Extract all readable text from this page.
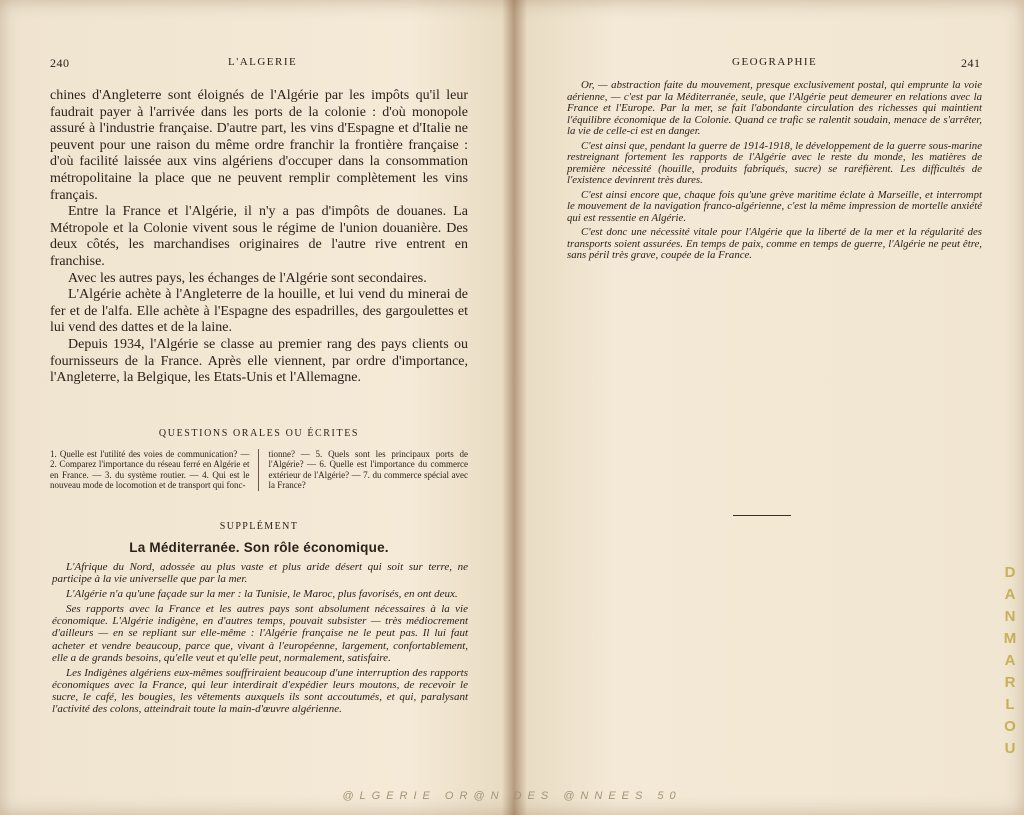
240	L'ALGERIE

chines d'Angleterre sont éloignés de l'Algérie par les impôts qu'il leur faudrait payer à l'arrivée dans les ports de la colonie : d'où monopole assuré à l'industrie française. D'autre part, les vins d'Espagne et d'Italie ne peuvent pour une raison du même ordre franchir la frontière française : d'où facilité laissée aux vins algériens d'occuper dans la consommation métropolitaine la place que ne peuvent remplir complètement les vins français.

Entre la France et l'Algérie, il n'y a pas d'impôts de douanes. La Métropole et la Colonie vivent sous le régime de l'union douanière. Des deux côtés, les marchandises originaires de l'autre rive entrent en franchise.

Avec les autres pays, les échanges de l'Algérie sont secondaires.

L'Algérie achète à l'Angleterre de la houille, et lui vend du minerai de fer et de l'alfa. Elle achète à l'Espagne des espadrilles, des gargoulettes et lui vend des dattes et de la laine.

Depuis 1934, l'Algérie se classe au premier rang des pays clients ou fournisseurs de la France. Après elle viennent, par ordre d'importance, l'Angleterre, la Belgique, les Etats-Unis et l'Allemagne.

QUESTIONS ORALES OU ÉCRITES
1. Quelle est l'utilité des voies de communication? — 2. Comparez l'importance du réseau ferré en Algérie et en France. — 3. du système routier. — 4. Qui est le nouveau mode de locomotion et de transport qui fonc-
tionne? — 5. Quels sont les principaux ports de l'Algérie? — 6. Quelle est l'importance du commerce extérieur de l'Algérie? — 7. du commerce spécial avec la France?
SUPPLÉMENT
La Méditerranée. Son rôle économique.

L'Afrique du Nord, adossée au plus vaste et plus aride désert qui soit sur terre, ne participe à la vie universelle que par la mer.

L'Algérie n'a qu'une façade sur la mer : la Tunisie, le Maroc, plus favorisés, en ont deux.

Ses rapports avec la France et les autres pays sont absolument nécessaires à la vie économique. L'Algérie indigène, en d'autres temps, pouvait subsister — très médiocrement d'ailleurs — en se repliant sur elle-même : l'Algérie française ne le peut pas. Il lui faut acheter et vendre beaucoup, parce que, vivant à l'européenne, largement, confortablement, elle a de grands besoins, qu'elle veut et qu'elle peut, normalement, satisfaire.

Les Indigènes algériens eux-mêmes souffriraient beaucoup d'une interruption des rapports économiques avec la France, qui leur interdirait d'expédier leurs moutons, de recevoir le sucre, le café, les bougies, les vêtements auxquels ils sont accoutumés, et qui, paralysant l'activité des colons, atteindrait toute la main-d'œuvre algérienne.

GEOGRAPHIE	241

Or, — abstraction faite du mouvement, presque exclusivement postal, qui emprunte la voie aérienne, — c'est par la Méditerranée, seule, que l'Algérie peut demeurer en relations avec la France et l'Europe. Par la mer, se fait l'abondante circulation des richesses qui maintient l'équilibre économique de la Colonie. Quand ce trafic se ralentit soudain, menace de s'arrêter, la vie de celle-ci est en danger.

C'est ainsi que, pendant la guerre de 1914-1918, le développement de la guerre sous-marine restreignant fortement les rapports de l'Algérie avec le reste du monde, les matières de première nécessité (houille, produits fabriqués, sucre) se raréfièrent. Les difficultés de l'existence devinrent très dures.

C'est ainsi encore que, chaque fois qu'une grève maritime éclate à Marseille, et interrompt le mouvement de la navigation franco-algérienne, c'est la même impression de mortelle anxiété qui est ressentie en Algérie.

C'est donc une nécessité vitale pour l'Algérie que la liberté de la mer et la régularité des transports soient assurées. En temps de paix, comme en temps de guerre, l'Algérie ne peut être, sans péril très grave, coupée de la France.

D
A
N
M
A
R
L
O
U
@LGERIE OR@N DES @NNEES 50
